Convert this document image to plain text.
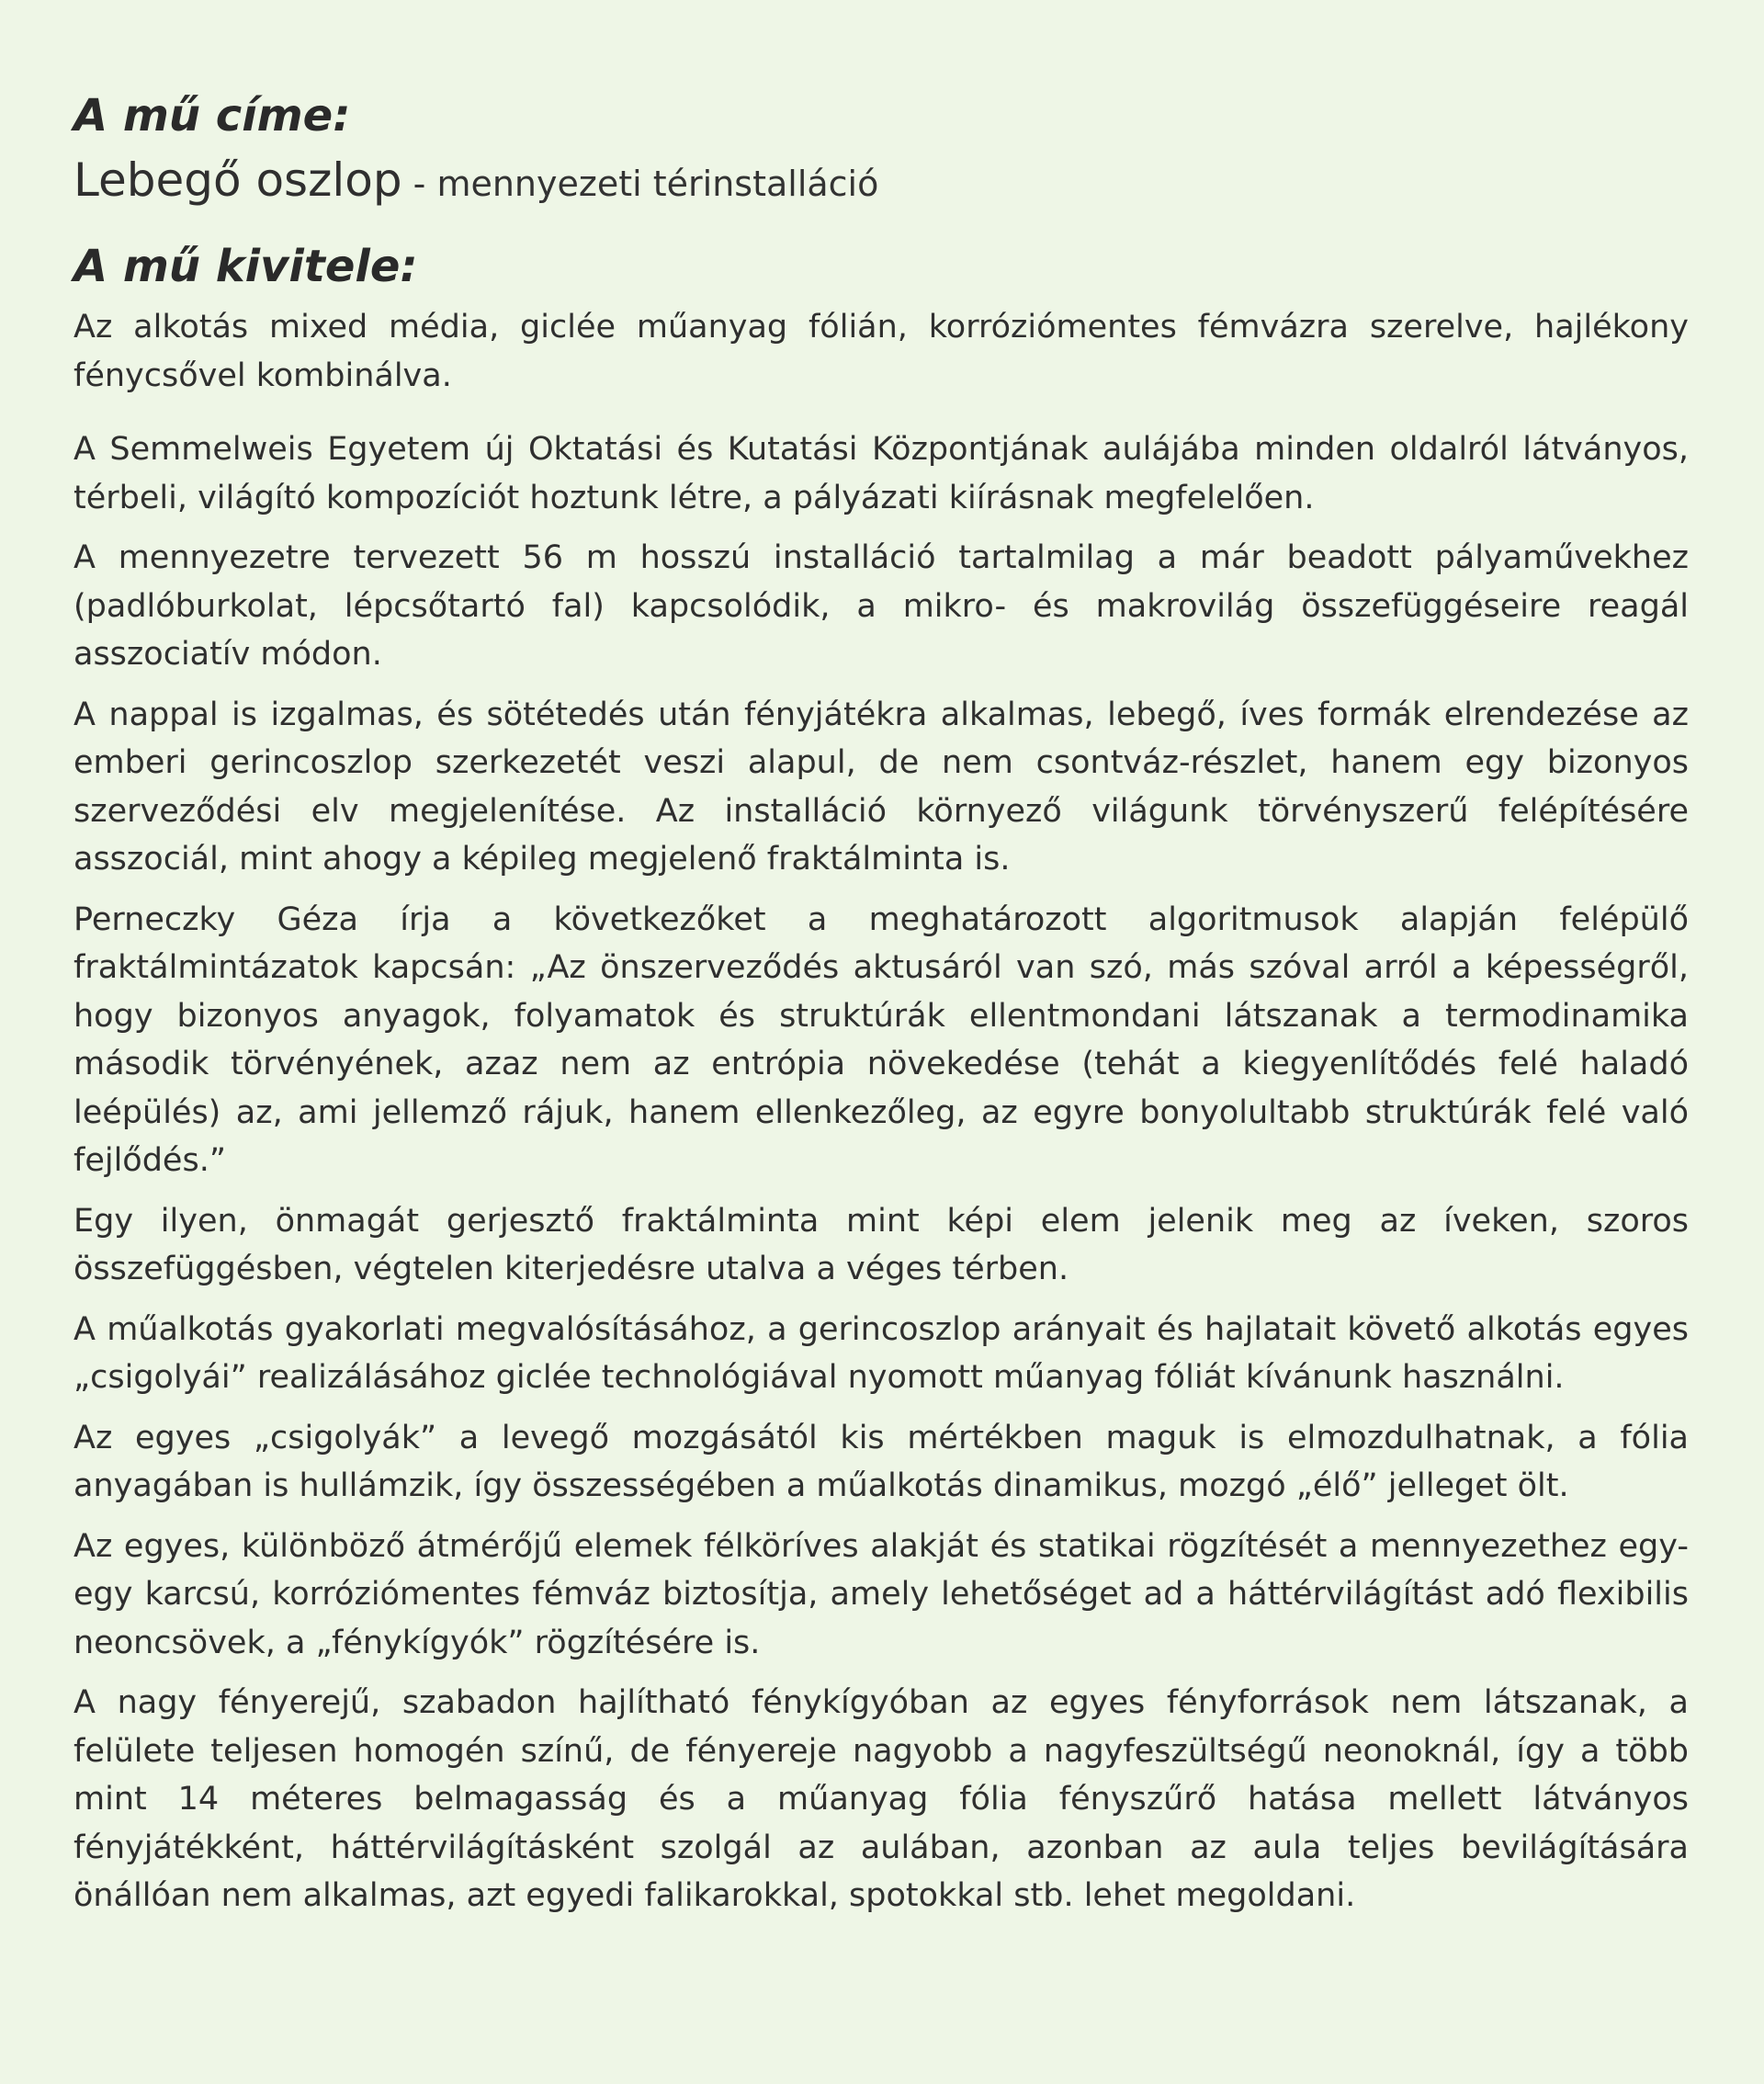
A mű címe:
Lebegő oszlop - mennyezeti térinstalláció
A mű kivitele:

Az alkotás mixed média, giclée műanyag fólián, korróziómentes fémvázra szerelve, hajlékony fénycsővel kombinálva.

A Semmelweis Egyetem új Oktatási és Kutatási Központjának aulájába minden oldalról látványos, térbeli, világító kompozíciót hoztunk létre, a pályázati kiírásnak megfelelően.

A mennyezetre tervezett 56 m hosszú installáció tartalmilag a már beadott pályaművekhez (padlóburkolat, lépcsőtartó fal) kapcsolódik, a mikro- és makrovilág összefüggéseire reagál asszociatív módon.

A nappal is izgalmas, és sötétedés után fényjátékra alkalmas, lebegő, íves formák elrendezése az emberi gerincoszlop szerkezetét veszi alapul, de nem csontváz-részlet, hanem egy bizonyos szerveződési elv megjelenítése. Az installáció környező világunk törvényszerű felépítésére asszociál, mint ahogy a képileg megjelenő fraktálminta is.

Perneczky Géza írja a következőket a meghatározott algoritmusok alapján felépülő fraktálmintázatok kapcsán: „Az önszerveződés aktusáról van szó, más szóval arról a képességről, hogy bizonyos anyagok, folyamatok és struktúrák ellentmondani látszanak a termodinamika második törvényének, azaz nem az entrópia növekedése (tehát a kiegyenlítődés felé haladó leépülés) az, ami jellemző rájuk, hanem ellenkezőleg, az egyre bonyolultabb struktúrák felé való fejlődés.”

Egy ilyen, önmagát gerjesztő fraktálminta mint képi elem jelenik meg az íveken, szoros összefüggésben, végtelen kiterjedésre utalva a véges térben.

A műalkotás gyakorlati megvalósításához, a gerincoszlop arányait és hajlatait követő alkotás egyes „csigolyái” realizálásához giclée technológiával nyomott műanyag fóliát kívánunk használni.

Az egyes „csigolyák” a levegő mozgásától kis mértékben maguk is elmozdulhatnak, a fólia anyagában is hullámzik, így összességében a műalkotás dinamikus, mozgó „élő” jelleget ölt.

Az egyes, különböző átmérőjű elemek félköríves alakját és statikai rögzítését a mennyezethez egy-egy karcsú, korróziómentes fémváz biztosítja, amely lehetőséget ad a háttérvilágítást adó flexibilis neoncsövek, a „fénykígyók” rögzítésére is.

A nagy fényerejű, szabadon hajlítható fénykígyóban az egyes fényforrások nem látszanak, a felülete teljesen homogén színű, de fényereje nagyobb a nagyfeszültségű neonoknál, így a több mint 14 méteres belmagasság és a műanyag fólia fényszűrő hatása mellett látványos fényjátékként, háttérvilágításként szolgál az aulában, azonban az aula teljes bevilágítására önállóan nem alkalmas, azt egyedi falikarokkal, spotokkal stb. lehet megoldani.
